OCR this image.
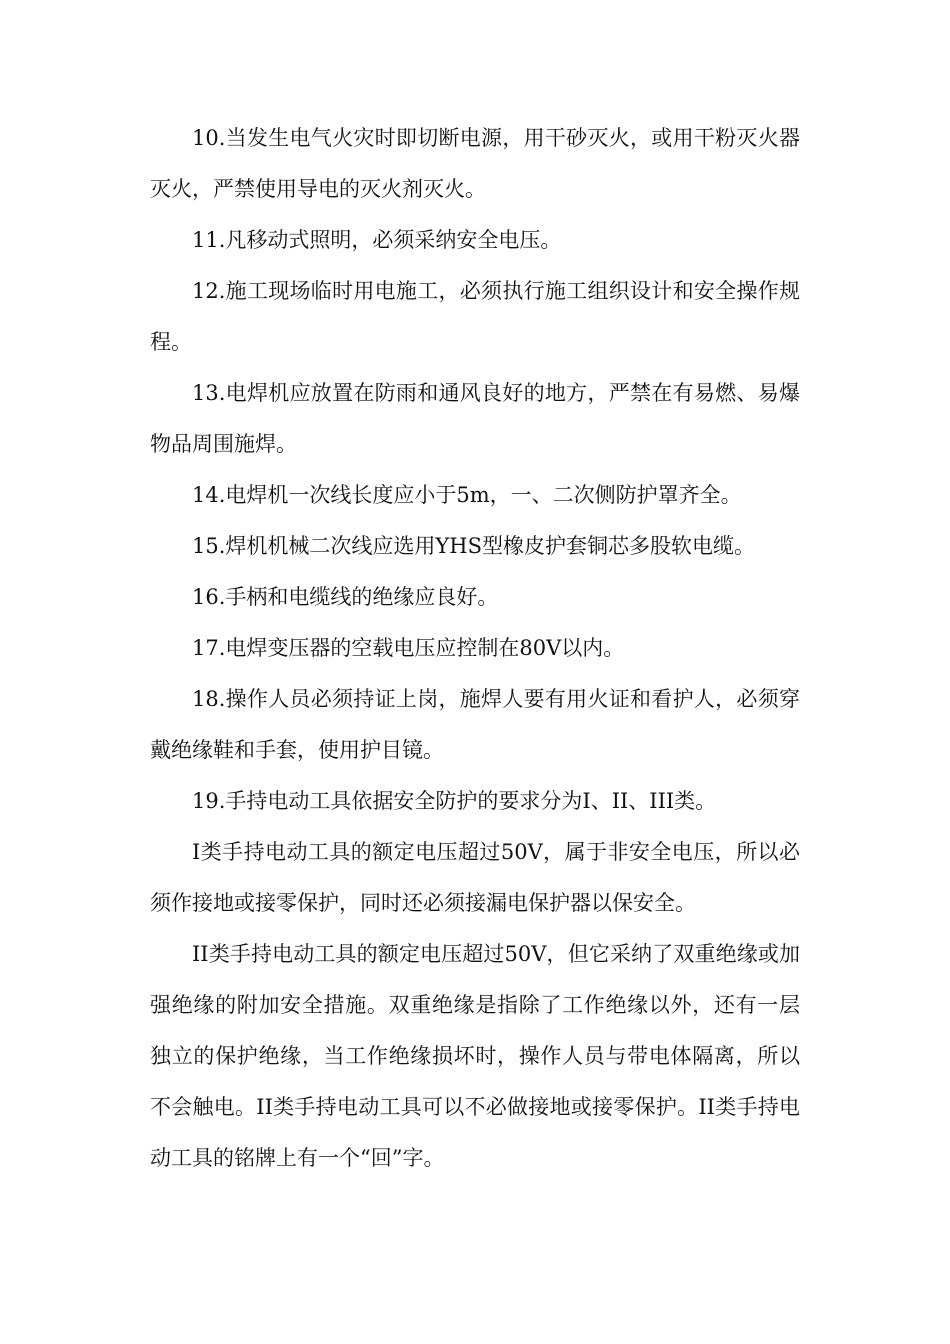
10.当发生电气火灾时即切断电源，用干砂灭火，或用干粉灭火器灭火，严禁使用导电的灭火剂灭火。

11.凡移动式照明，必须采纳安全电压。

12.施工现场临时用电施工，必须执行施工组织设计和安全操作规程。

13.电焊机应放置在防雨和通风良好的地方，严禁在有易燃、易爆物品周围施焊。

14.电焊机一次线长度应小于5m，一、二次侧防护罩齐全。

15.焊机机械二次线应选用YHS型橡皮护套铜芯多股软电缆。

16.手柄和电缆线的绝缘应良好。

17.电焊变压器的空载电压应控制在80V以内。

18.操作人员必须持证上岗，施焊人要有用火证和看护人，必须穿戴绝缘鞋和手套，使用护目镜。

19.手持电动工具依据安全防护的要求分为I、II、III类。

I类手持电动工具的额定电压超过50V，属于非安全电压，所以必须作接地或接零保护，同时还必须接漏电保护器以保安全。

II类手持电动工具的额定电压超过50V，但它采纳了双重绝缘或加强绝缘的附加安全措施。双重绝缘是指除了工作绝缘以外，还有一层独立的保护绝缘，当工作绝缘损坏时，操作人员与带电体隔离，所以不会触电。II类手持电动工具可以不必做接地或接零保护。II类手持电动工具的铭牌上有一个“回”字。
